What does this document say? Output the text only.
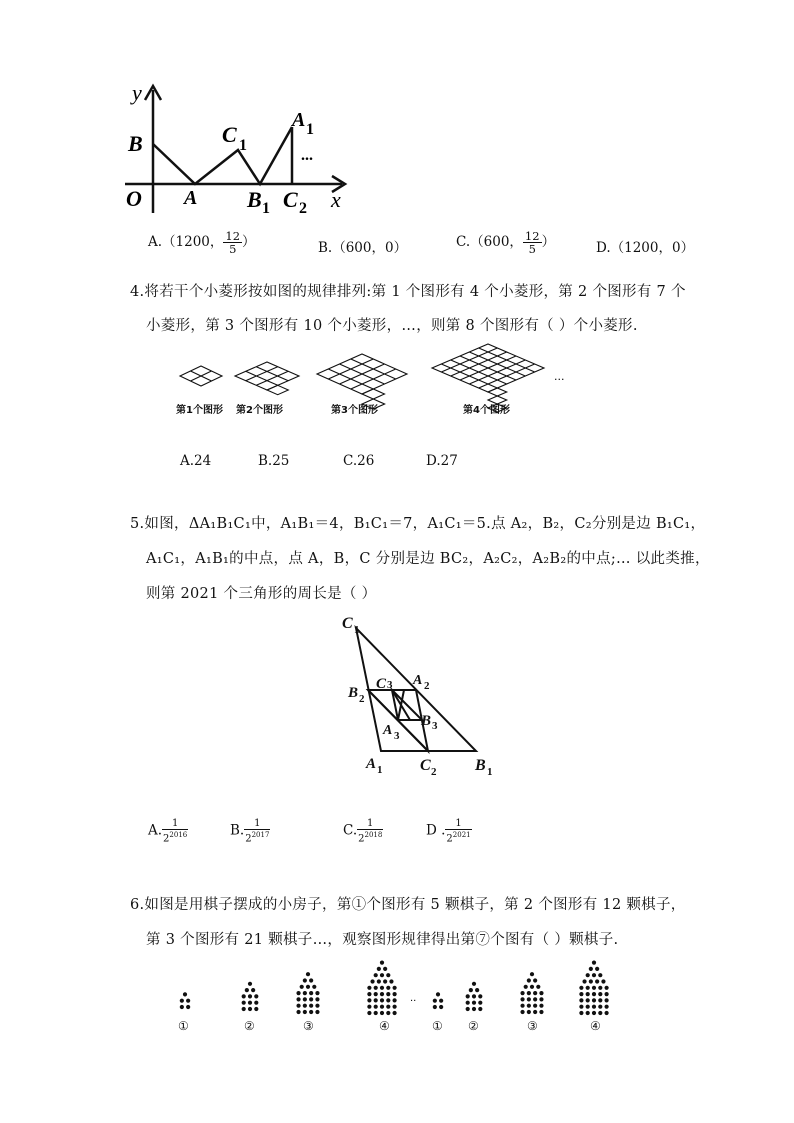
y
B
O A
C 1
B 1 C 2
A 1
...
x
A.（1200， $\frac{12}{5}$ ）	B.（600，0）	C.（600， $\frac{12}{5}$ ）	D.（1200，0）
4.将若干个小菱形按如图的规律排列:第 1 个图形有 4 个小菱形，第 2 个图形有 7 个
小菱形，第 3 个图形有 10 个小菱形，…，则第 8 个图形有（ ）个小菱形.
...
第1个图形 第2个图形	第3个图形	第4个图形
A.24	B.25	C.26	D.27
5.如图，ΔA₁B₁C₁中，A₁B₁＝4，B₁C₁＝7，A₁C₁＝5.点 A₂，B₂，C₂分别是边 B₁C₁，
A₁C₁，A₁B₁的中点，点 A，B，C 分别是边 BC₂，A₂C₂，A₂B₂的中点;… 以此类推，
则第 2021 个三角形的周长是（ ）
C 1
C 3 A 2
B 2
B 3
A 3
A 1 C 2 B 1
A. $\frac{1}{2^{2016}}$	B. $\frac{1}{2^{2017}}$	C. $\frac{1}{2^{2018}}$	D . $\frac{1}{2^{2021}}$
6.如图是用棋子摆成的小房子，第①个图形有 5 颗棋子，第 2 个图形有 12 颗棋子，
第 3 个图形有 21 颗棋子…，观察图形规律得出第⑦个图有（ ）颗棋子.
..
①	②	③	④	① ②	③	④
